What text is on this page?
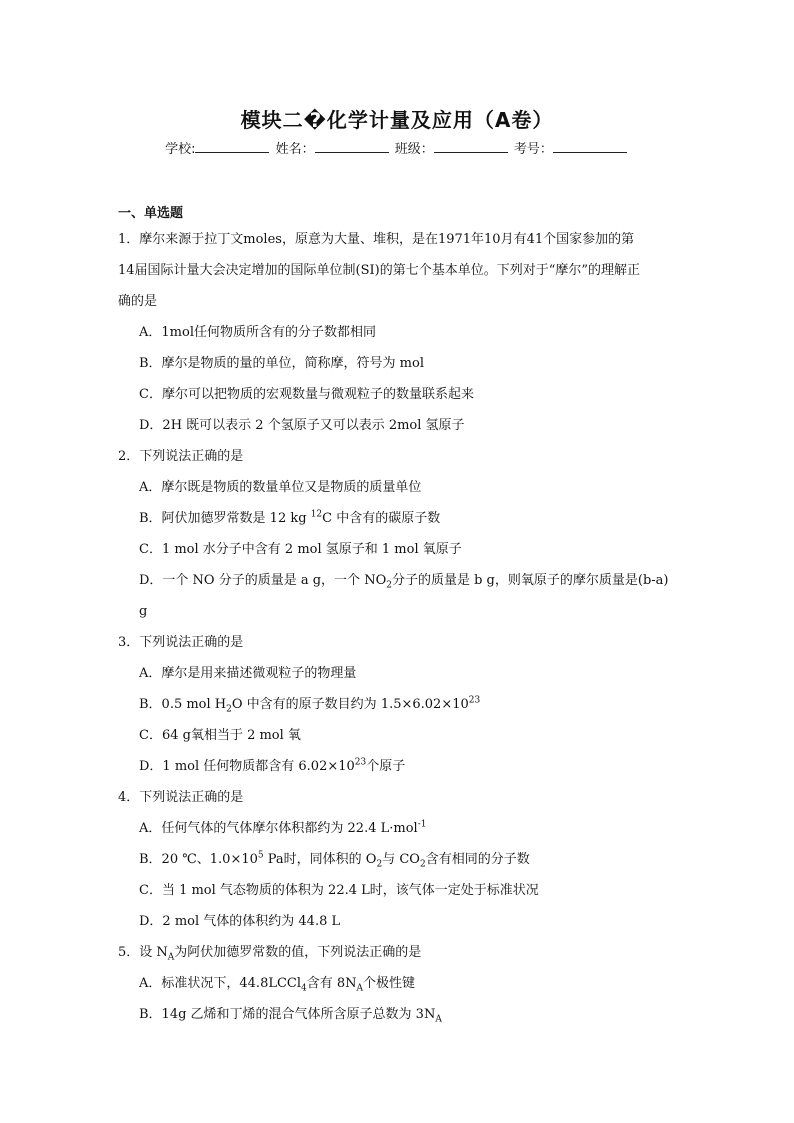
模块二�化学计量及应用（A卷）
学校:	姓名：	班级：	考号：
一、单选题
1．摩尔来源于拉丁文moles，原意为大量、堆积，是在1971年10月有41个国家参加的第
14届国际计量大会决定增加的国际单位制(SI)的第七个基本单位。下列对于“摩尔”的理解正
确的是
A．1mol任何物质所含有的分子数都相同
B．摩尔是物质的量的单位，简称摩，符号为 mol
C．摩尔可以把物质的宏观数量与微观粒子的数量联系起来
D．2H 既可以表示 2 个氢原子又可以表示 2mol 氢原子
2．下列说法正确的是
A．摩尔既是物质的数量单位又是物质的质量单位
B．阿伏加德罗常数是 12 kg $^{12}$C 中含有的碳原子数
C．1 mol 水分子中含有 2 mol 氢原子和 1 mol 氧原子
D．一个 NO 分子的质量是 a g，一个 $NO_2$分子的质量是 b g，则氧原子的摩尔质量是(b-a)
g
3．下列说法正确的是
A．摩尔是用来描述微观粒子的物理量
B．0.5 mol $H_2O$ 中含有的原子数目约为 $1.5\times 6.02\times 10^{23}$
C．64 g氧相当于 2 mol 氧
D．1 mol 任何物质都含有 $6.02\times 10^{23}$个原子
4．下列说法正确的是
A．任何气体的气体摩尔体积都约为 22.4 L·mol$^{-1}$
B．20 ℃、$1.0\times 10^5$ Pa时，同体积的 $O_2$与 $CO_2$含有相同的分子数
C．当 1 mol 气态物质的体积为 22.4 L时，该气体一定处于标准状况
D．2 mol 气体的体积约为 44.8 L
5．设 $N_A$为阿伏加德罗常数的值，下列说法正确的是
A．标准状况下，44.8LCCl$_4$含有 $8N_A$个极性键
B．14g 乙烯和丁烯的混合气体所含原子总数为 $3N_A$
